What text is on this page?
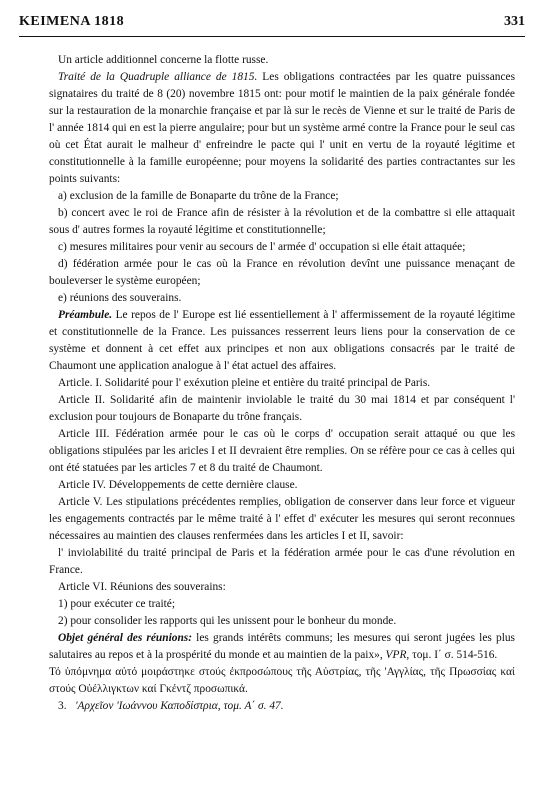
KEIMENA 1818	331

Un article additionnel concerne la flotte russe.

Traité de la Quadruple alliance de 1815. Les obligations contractées par les quatre puissances signataires du traité de 8 (20) novembre 1815 ont: pour motif le maintien de la paix générale fondée sur la restauration de la monarchie française et par là sur le recès de Vienne et sur le traité de Paris de l' année 1814 qui en est la pierre angulaire; pour but un système armé contre la France pour le seul cas où cet État aurait le malheur d' enfreindre le pacte qui l' unit en vertu de la royauté légitime et constitutionnelle à la famille européenne; pour moyens la solidarité des parties contractantes sur les points suivants:

a) exclusion de la famille de Bonaparte du trône de la France;

b) concert avec le roi de France afin de résister à la révolution et de la combattre si elle attaquait sous d' autres formes la royauté légitime et constitutionnelle;

c) mesures militaires pour venir au secours de l' armée d' occupation si elle était attaquée;

d) fédération armée pour le cas où la France en révolution devînt une puissance menaçant de bouleverser le système européen;

e) réunions des souverains.

Préambule. Le repos de l' Europe est lié essentiellement à l' affermissement de la royauté légitime et constitutionnelle de la France. Les puissances resserrent leurs liens pour la conservation de ce système et donnent à cet effet aux principes et non aux obligations consacrés par le traité de Chaumont une application analogue à l' état actuel des affaires.

Article. I. Solidarité pour l' exéxution pleine et entière du traité principal de Paris.

Article II. Solidarité afin de maintenir inviolable le traité du 30 mai 1814 et par conséquent l' exclusion pour toujours de Bonaparte du trône français.

Article III. Fédération armée pour le cas où le corps d' occupation serait attaqué ou que les obligations stipulées par les aricles I et II devraient être remplies. On se réfère pour ce cas à celles qui ont été statuées par les articles 7 et 8 du traité de Chaumont.

Article IV. Développements de cette dernière clause.

Article V. Les stipulations précédentes remplies, obligation de conserver dans leur force et vigueur les engagements contractés par le même traité à l' effet d' exécuter les mesures qui seront reconnues nécessaires au maintien des clauses renfermées dans les articles I et II, savoir:

l' inviolabilité du traité principal de Paris et la fédération armée pour le cas d'une révolution en France.

Article VI. Réunions des souverains:

1) pour exécuter ce traité;

2) pour consolider les rapports qui les unissent pour le bonheur du monde.

Objet général des réunions: les grands intérêts communs; les mesures qui seront jugées les plus salutaires au repos et à la prospérité du monde et au maintien de la paix», VPR, τομ. I΄ σ. 514-516.

Τό ὑπόμνημα αὐτό μοιράστηκε στούς ἐκπροσώπους τῆς Αὐστρίας, τῆς 'Αγγλίας, τῆς Πρωσσίας καί στούς Οὐέλλιγκτων καί Γκέντζ προσωπικά.

3. 'Αρχεῖον 'Ιωάννου Καποδίστρια, τομ. Α΄ σ. 47.
